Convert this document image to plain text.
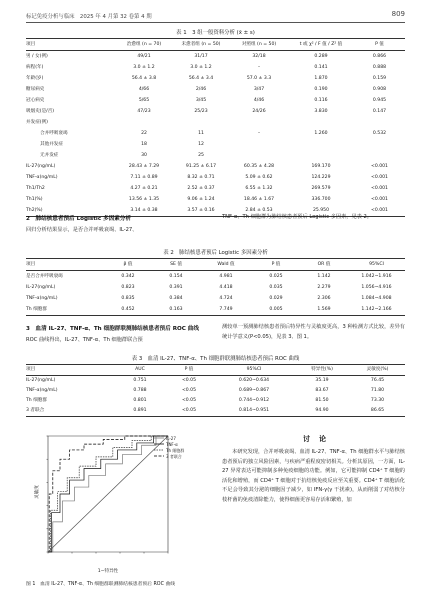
标记免疫分析与临床　2025 年 4 月第 32 卷第 4 期	809
表 1　3 组一般资料分析 (x̄ ± s)
项目	治愈组 (n = 70)	未愈者组 (n = 50)	对照组 (n = 50)	t 或 χ² / F 值 / Z² 值	P 值
男 / 女(例)	49/21	31/17	32/18	0.289	0.866
病程(年)	3.0 ± 1.2	3.0 ± 1.2	–	0.141	0.888
年龄(岁)	56.4 ± 3.8	56.4 ± 3.4	57.0 ± 3.3	1.870	0.159
糖尿病史	4/66	2/46	3/47	0.190	0.908
冠心病史	5/65	3/45	4/46	0.116	0.945
吸烟史(是/否)	47/23	25/23	24/26	3.830	0.147
并发症(例)					
合并呼吸衰竭	22	11	–	1.260	0.532
其他并发症	18	12			
无并发症	30	25			
IL-27(ng/mL)	28.43 ± 7.29	91.25 ± 6.17	60.35 ± 4.28	169.170	<0.001
TNF-α(ng/mL)	7.11 ± 0.89	8.32 ± 0.71	5.09 ± 0.62	124.229	<0.001
Th1/Th2	4.27 ± 0.21	2.52 ± 0.37	6.55 ± 1.32	269.579	<0.001
Th1(%)	13.56 ± 1.35	9.06 ± 1.24	18.46 ± 1.67	336.700	<0.001
Th2(%)	3.14 ± 0.38	3.57 ± 0.16	2.84 ± 0.53	25.950	<0.001
2　肺结核患者预后 Logistic 多因素分析
回归分析结果显示，是否合并呼吸衰竭、IL-27、
TNF-α、Th 细胞群为肺结核患者预后 Logistic 多因素，见表 2。
表 2　肺结核患者预后 Logistic 多因素分析
项目	β 值	SE 值	Wald 值	P 值	OR 值	95%CI
是否合并呼吸衰竭	0.342	0.154	4.981	0.025	1.142	1.042~1.916
IL-27(ng/mL)	0.823	0.391	4.418	0.035	2.279	1.056~4.916
TNF-α(ng/mL)	0.835	0.384	4.724	0.029	2.306	1.084~4.908
Th 细胞群	0.452	0.163	7.749	0.005	1.569	1.142~2.166
3　血清 IL-27、TNF-α、Th 细胞群联测肺结核患者预后 ROC 曲线
ROC 曲线得出，IL-27、TNF-α、Th 细胞群联合预
测较单一预测肺结核患者预后特异性与灵敏度更高，3 种检测方式比较，差异有统计学意义(P<0.05)，见表 3、图 1。
表 3　血清 IL-27、TNF-α、Th 细胞群联测肺结核患者预后 ROC 曲线
项目	AUC	P 值	95%CI	特异性(%)	灵敏度(%)
IL-27(ng/mL)	0.751	<0.05	0.620~0.634	35.19	76.45
TNF-α(ng/mL)	0.788	<0.05	0.689~0.867	83.67	71.80
Th 细胞群	0.801	<0.05	0.744~0.912	81.50	73.30
3 者联合	0.891	<0.05	0.814~0.951	94.90	86.65
灵敏度
1−特异性
IL-27
TNF-α
Th 细胞群
3 者联合
图 1　血清 IL-27、TNF-α、Th 细胞群联测肺结核患者预后 ROC 曲线
讨　论
本研究发现，合并呼吸衰竭、血清 IL-27、TNF-α、Th 细胞群水平与肺结核患者预后的独立风险因素，与疾病严重程度密切相关。分析其原因，一方面，IL-27 异常表达可能抑制多种免疫细胞的功能。例如，它可能抑制 CD4⁺ T 细胞的活化和增殖，而 CD4⁺ T 细胞对于抗结核免疫反应至关重要。CD4⁺ T 细胞活化不足会导致其分泌的细胞因子减少，如 IFN-γ(γ 干扰素)，从而削弱了对结核分枝杆菌的免疫清除能力，使得细菌更容易存活和繁殖，加
